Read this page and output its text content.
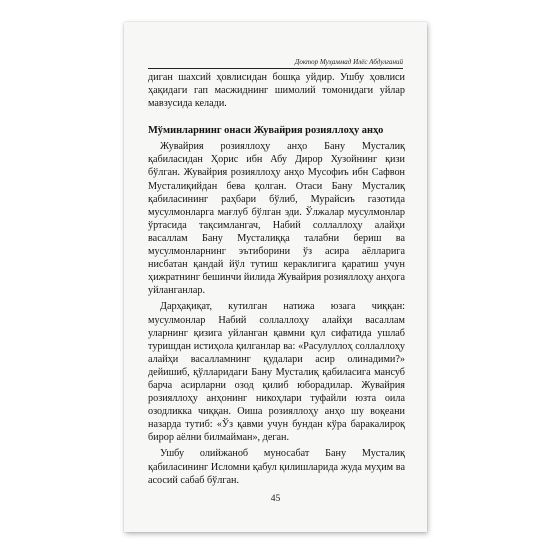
Доктор Муҳаммад Илёс Абдулғаний

диган шахсий ҳовлисидан бошқа уйдир. Ушбу ҳовлиси ҳақидаги гап масжиднинг шимолий томонидаги уйлар мавзусида келади.

Мўминларнинг онаси Жувайрия розияллоҳу анҳо

Жувайрия розияллоҳу анҳо Бану Мусталиқ қабиласидан Ҳорис ибн Абу Дирор Хузойнинг қизи бўлган. Жувайрия розияллоҳу анҳо Мусофиъ ибн Сафвон Мусталиқийдан бева қолган. Отаси Бану Мусталиқ қабиласининг раҳбари бўлиб, Мурайсиъ газотида мусулмонларга мағлуб бўлган эди. Ўлжалар мусулмонлар ўртасида тақсимлангач, Набий соллаллоҳу алайҳи васаллам Бану Мусталиққа талабни бериш ва мусулмонларнинг эътиборини ўз асира аёлларига нисбатан қандай йўл тутиш кераклигига қаратиш учун ҳижратнинг бешинчи йилида Жувайрия розияллоҳу анҳога уйланганлар.

Дарҳақиқат, кутилган натижа юзага чиққан: мусулмонлар Набий соллаллоҳу алайҳи васаллам уларнинг қизига уйланган қавмни қул сифатида ушлаб туришдан истиҳола қилганлар ва: «Расулуллоҳ соллаллоҳу алайҳи васалламнинг қудалари асир олинадими?» дейишиб, қўлларидаги Бану Мусталиқ қабиласига мансуб барча асирларни озод қилиб юборадилар. Жувайрия розияллоҳу анҳонинг никоҳлари туфайли юзта оила озодликка чиққан. Оиша розияллоҳу анҳо шу воқеани назарда тутиб: «Ўз қавми учун бундан кўра баракалироқ бирор аёлни билмайман», деган.

Ушбу олийжаноб муносабат Бану Мусталиқ қабиласининг Исломни қабул қилишларида жуда муҳим ва асосий сабаб бўлган.

45
